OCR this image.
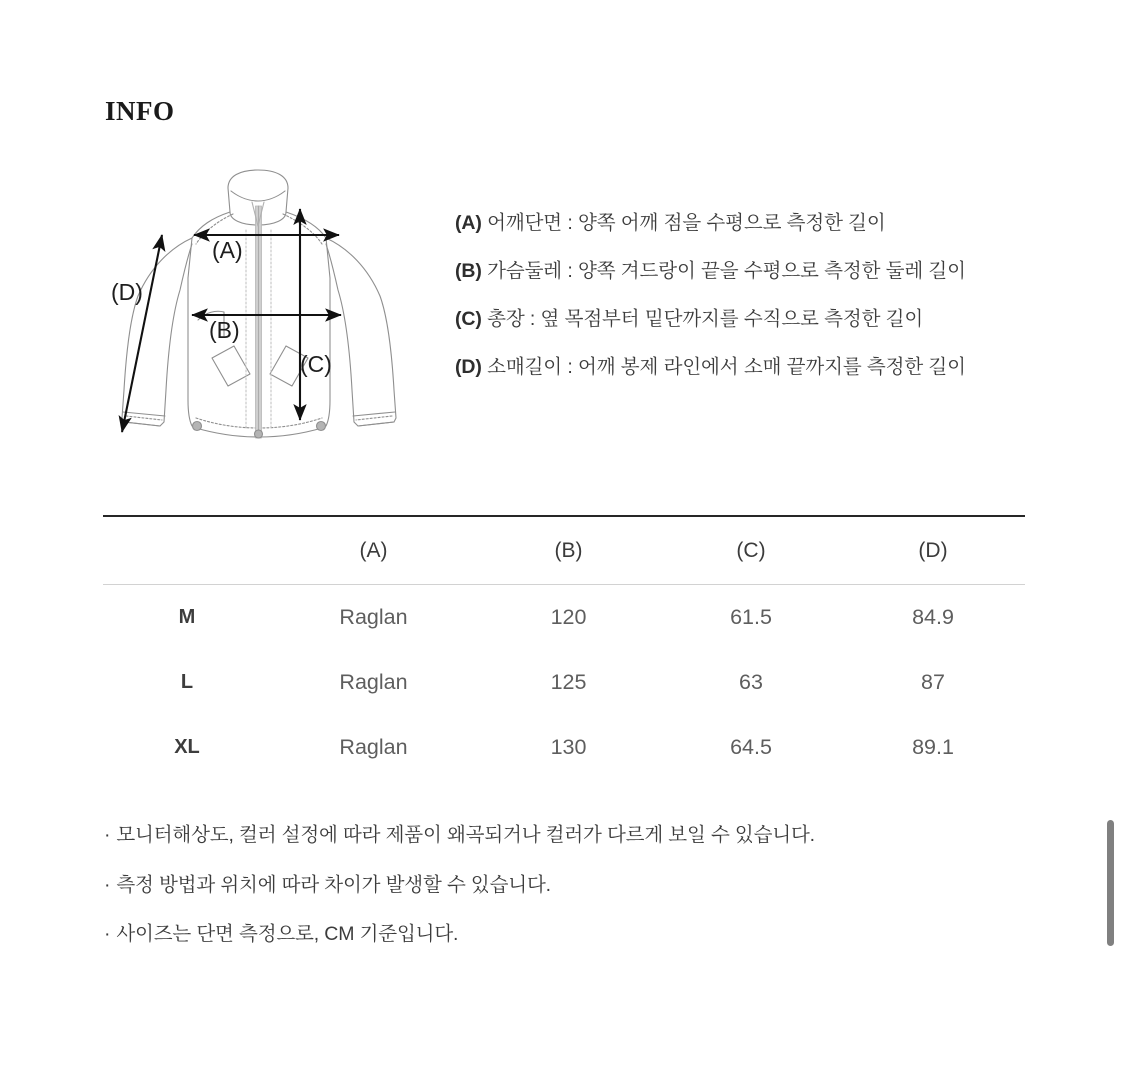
INFO
(A)
(B)
(C)
(D)
(A) 어깨단면 : 양쪽 어깨 점을 수평으로 측정한 길이
(B) 가슴둘레 : 양쪽 겨드랑이 끝을 수평으로 측정한 둘레 길이
(C) 총장 : 옆 목점부터 밑단까지를 수직으로 측정한 길이
(D) 소매길이 : 어깨 봉제 라인에서 소매 끝까지를 측정한 길이
	(A)	(B)	(C)	(D)
M	Raglan	120	61.5	84.9
L	Raglan	125	63	87
XL	Raglan	130	64.5	89.1
· 모니터해상도, 컬러 설정에 따라 제품이 왜곡되거나 컬러가 다르게 보일 수 있습니다.
· 측정 방법과 위치에 따라 차이가 발생할 수 있습니다.
· 사이즈는 단면 측정으로, CM 기준입니다.
